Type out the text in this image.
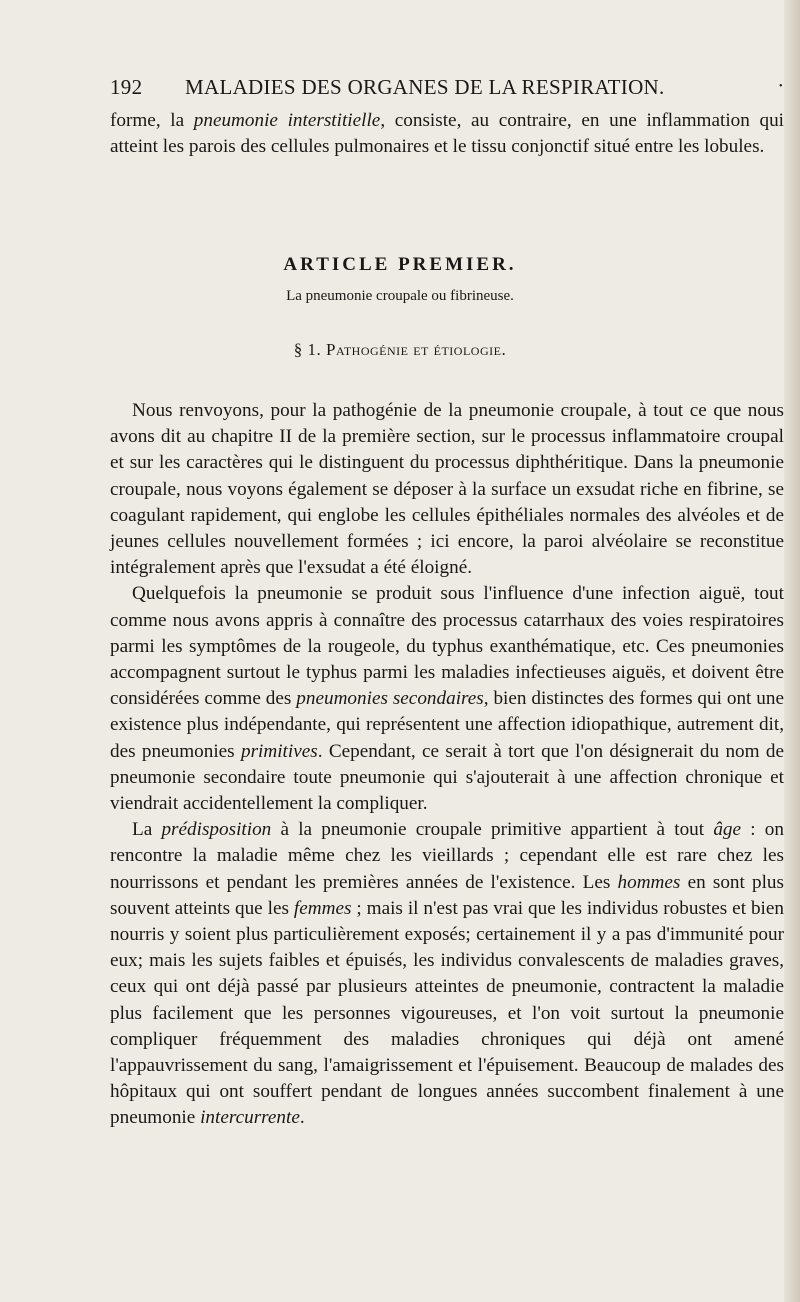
192 MALADIES DES ORGANES DE LA RESPIRATION.	•

forme, la pneumonie interstitielle, consiste, au contraire, en une inflammation qui atteint les parois des cellules pulmonaires et le tissu conjonctif situé entre les lobules.

ARTICLE PREMIER.
La pneumonie croupale ou fibrineuse.
§ 1. Pathogénie et étiologie.

Nous renvoyons, pour la pathogénie de la pneumonie croupale, à tout ce que nous avons dit au chapitre II de la première section, sur le processus inflammatoire croupal et sur les caractères qui le distinguent du processus diphthéritique. Dans la pneumonie croupale, nous voyons également se déposer à la surface un exsudat riche en fibrine, se coagulant rapidement, qui englobe les cellules épithéliales normales des alvéoles et de jeunes cellules nouvellement formées ; ici encore, la paroi alvéolaire se reconstitue intégralement après que l'exsudat a été éloigné.

Quelquefois la pneumonie se produit sous l'influence d'une infection aiguë, tout comme nous avons appris à connaître des processus catarrhaux des voies respiratoires parmi les symptômes de la rougeole, du typhus exanthématique, etc. Ces pneumonies accompagnent surtout le typhus parmi les maladies infectieuses aiguës, et doivent être considérées comme des pneumonies secondaires, bien distinctes des formes qui ont une existence plus indépendante, qui représentent une affection idiopathique, autrement dit, des pneumonies primitives. Cependant, ce serait à tort que l'on désignerait du nom de pneumonie secondaire toute pneumonie qui s'ajouterait à une affection chronique et viendrait accidentellement la compliquer.

La prédisposition à la pneumonie croupale primitive appartient à tout âge : on rencontre la maladie même chez les vieillards ; cependant elle est rare chez les nourrissons et pendant les premières années de l'existence. Les hommes en sont plus souvent atteints que les femmes ; mais il n'est pas vrai que les individus robustes et bien nourris y soient plus particulièrement exposés; certainement il y a pas d'immunité pour eux; mais les sujets faibles et épuisés, les individus convalescents de maladies graves, ceux qui ont déjà passé par plusieurs atteintes de pneumonie, contractent la maladie plus facilement que les personnes vigoureuses, et l'on voit surtout la pneumonie compliquer fréquemment des maladies chroniques qui déjà ont amené l'appauvrissement du sang, l'amaigrissement et l'épuisement. Beaucoup de malades des hôpitaux qui ont souffert pendant de longues années succombent finalement à une pneumonie intercurrente.
